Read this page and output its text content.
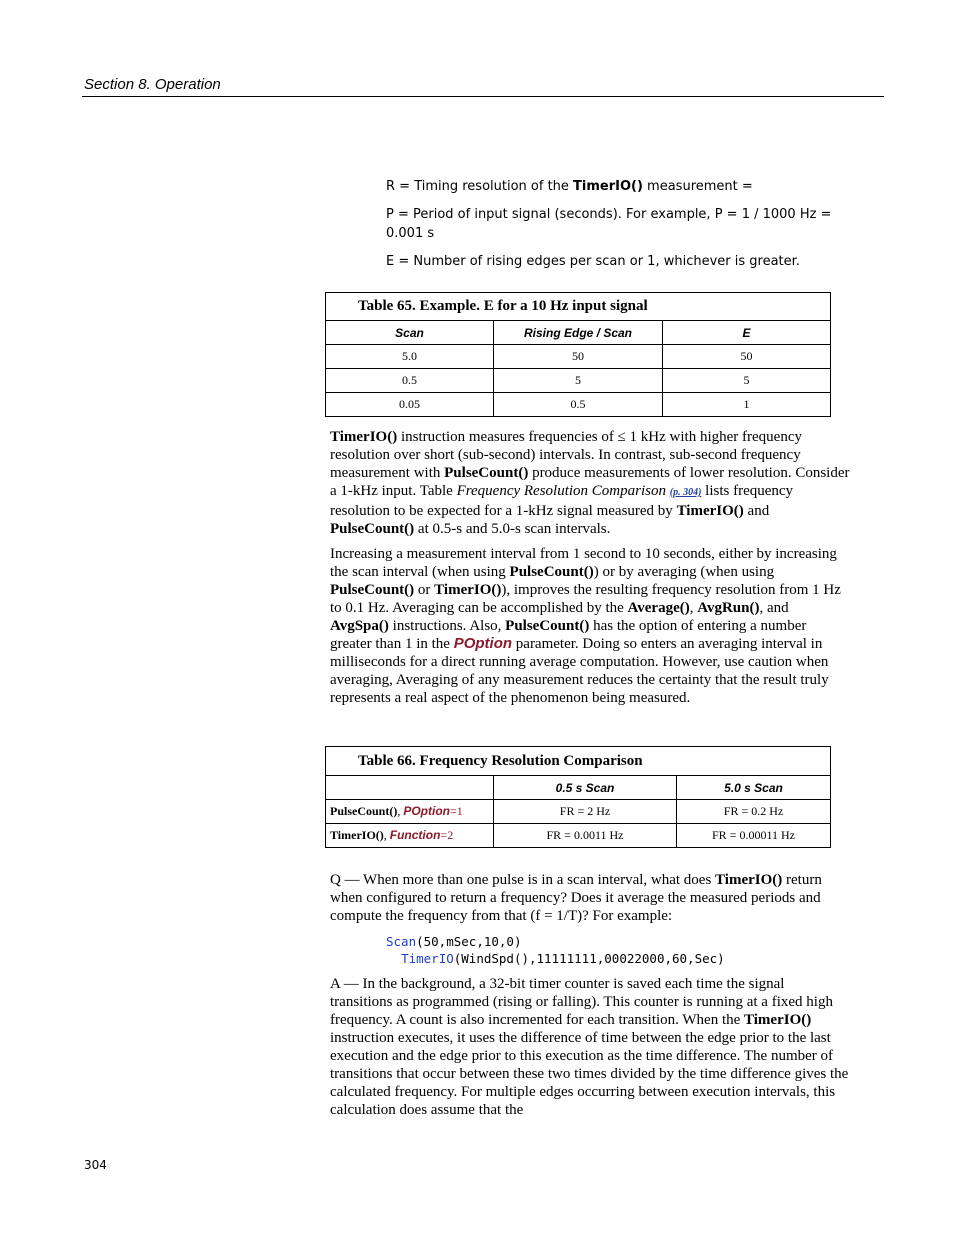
Section 8. Operation
R = Timing resolution of the TimerIO() measurement =
P = Period of input signal (seconds). For example, P = 1 / 1000 Hz =
0.001 s
E = Number of rising edges per scan or 1, whichever is greater.
Table 65. Example. E for a 10 Hz input signal		
Scan	Rising Edge / Scan	E
5.0	50	50
0.5	5	5
0.05	0.5	1
TimerIO() instruction measures frequencies of ≤ 1 kHz with higher frequency resolution over short (sub-second) intervals. In contrast, sub-second frequency measurement with PulseCount() produce measurements of lower resolution. Consider a 1-kHz input. Table Frequency Resolution Comparison (p. 304) lists frequency resolution to be expected for a 1-kHz signal measured by TimerIO() and PulseCount() at 0.5-s and 5.0-s scan intervals.
Increasing a measurement interval from 1 second to 10 seconds, either by increasing the scan interval (when using PulseCount()) or by averaging (when using PulseCount() or TimerIO()), improves the resulting frequency resolution from 1 Hz to 0.1 Hz. Averaging can be accomplished by the Average(), AvgRun(), and AvgSpa() instructions. Also, PulseCount() has the option of entering a number greater than 1 in the POption parameter. Doing so enters an averaging interval in milliseconds for a direct running average computation. However, use caution when averaging, Averaging of any measurement reduces the certainty that the result truly represents a real aspect of the phenomenon being measured.
Table 66. Frequency Resolution Comparison		
	0.5 s Scan	5.0 s Scan
PulseCount(), POption=1	FR = 2 Hz	FR = 0.2 Hz
TimerIO(), Function=2	FR = 0.0011 Hz	FR = 0.00011 Hz
Q — When more than one pulse is in a scan interval, what does TimerIO() return when configured to return a frequency? Does it average the measured periods and compute the frequency from that (f = 1/T)? For example:
Scan(50,mSec,10,0)
TimerIO(WindSpd(),11111111,00022000,60,Sec)
A — In the background, a 32-bit timer counter is saved each time the signal transitions as programmed (rising or falling). This counter is running at a fixed high frequency. A count is also incremented for each transition. When the TimerIO() instruction executes, it uses the difference of time between the edge prior to the last execution and the edge prior to this execution as the time difference. The number of transitions that occur between these two times divided by the time difference gives the calculated frequency. For multiple edges occurring between execution intervals, this calculation does assume that the
304
